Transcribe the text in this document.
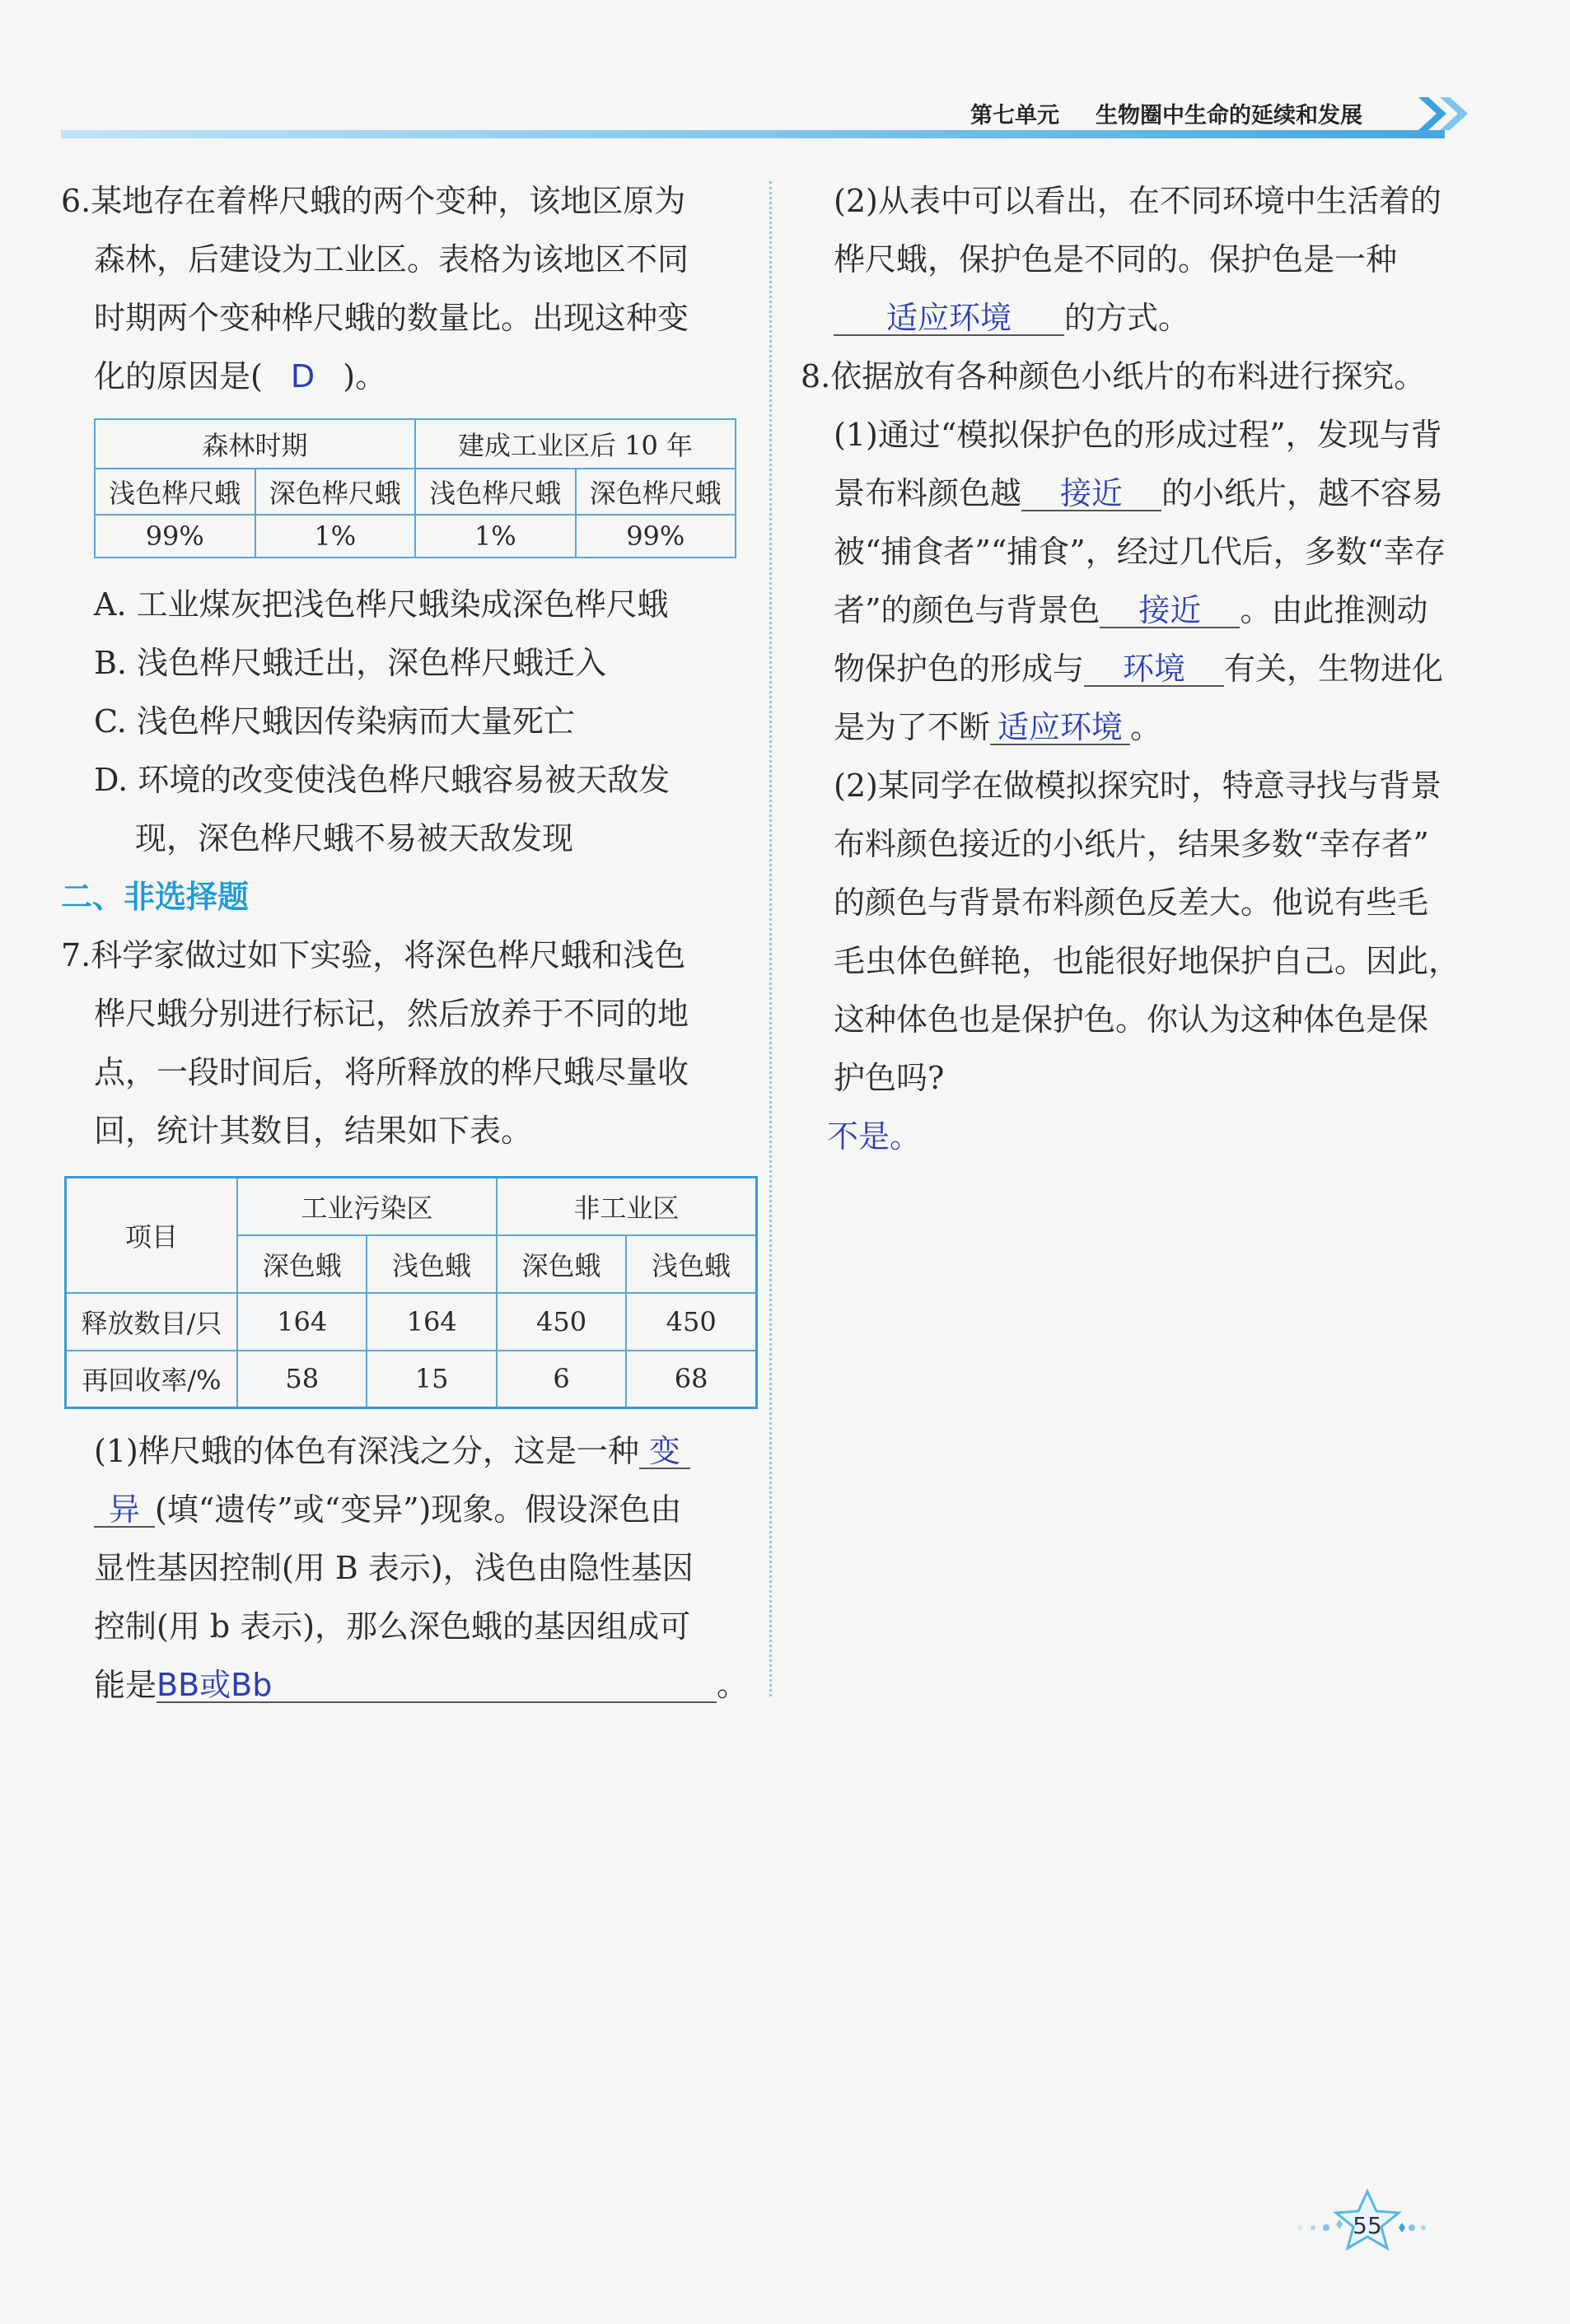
第七单元 生物圈中生命的延续和发展
6.某地存在着桦尺蛾的两个变种，该地区原为
森林，后建设为工业区。表格为该地区不同
时期两个变种桦尺蛾的数量比。出现这种变
化的原因是( D )。
森林时期		建成工业区后 10 年	
浅色桦尺蛾	深色桦尺蛾	浅色桦尺蛾	深色桦尺蛾
99%	1%	1%	99%
A. 工业煤灰把浅色桦尺蛾染成深色桦尺蛾
B. 浅色桦尺蛾迁出，深色桦尺蛾迁入
C. 浅色桦尺蛾因传染病而大量死亡
D. 环境的改变使浅色桦尺蛾容易被天敌发
现，深色桦尺蛾不易被天敌发现
二、非选择题
7.科学家做过如下实验，将深色桦尺蛾和浅色
桦尺蛾分别进行标记，然后放养于不同的地
点，一段时间后，将所释放的桦尺蛾尽量收
回，统计其数目，结果如下表。
项目	工业污染区		非工业区	
	深色蛾	浅色蛾	深色蛾	浅色蛾
释放数目/只	164	164	450	450
再回收率/%	58	15	6	68
(1)桦尺蛾的体色有深浅之分，这是一种 变
异 (填“遗传”或“变异”)现象。假设深色由
显性基因控制(用 B 表示)，浅色由隐性基因
控制(用 b 表示)，那么深色蛾的基因组成可
能是BB或Bb	。
(2)从表中可以看出，在不同环境中生活着的
桦尺蛾，保护色是不同的。保护色是一种
适应环境 的方式。
8.依据放有各种颜色小纸片的布料进行探究。
(1)通过“模拟保护色的形成过程”，发现与背
景布料颜色越 接近 的小纸片，越不容易
被“捕食者”“捕食”，经过几代后，多数“幸存
者”的颜色与背景色 接近 。由此推测动
物保护色的形成与 环境 有关，生物进化
是为了不断 适应环境 。
(2)某同学在做模拟探究时，特意寻找与背景
布料颜色接近的小纸片，结果多数“幸存者”
的颜色与背景布料颜色反差大。他说有些毛
毛虫体色鲜艳，也能很好地保护自己。因此，
这种体色也是保护色。你认为这种体色是保
护色吗?
不是。
55
